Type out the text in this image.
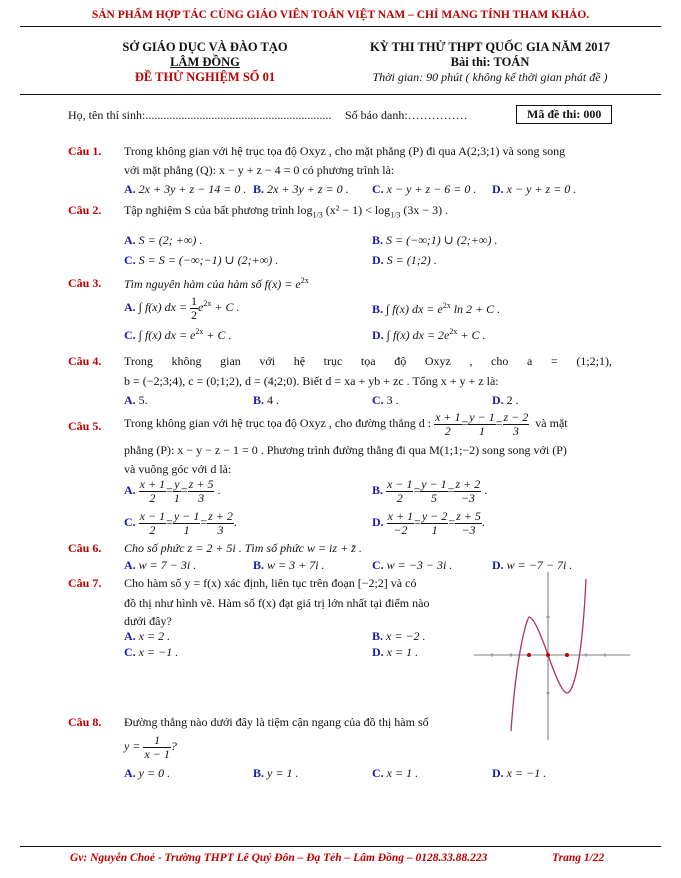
SẢN PHẨM HỢP TÁC CÙNG GIÁO VIÊN TOÁN VIỆT NAM – CHỈ MANG TÍNH THAM KHẢO.
SỞ GIÁO DỤC VÀ ĐÀO TẠO
LÂM ĐỒNG
ĐỀ THỬ NGHIỆM SỐ 01
KỲ THI THỬ THPT QUỐC GIA NĂM 2017
Bài thi: TOÁN
Thời gian: 90 phút ( không kể thời gian phát đề )
Họ, tên thí sinh:.............................................................. Số báo danh:……………	Mã đề thi: 000
Câu 1. Trong không gian với hệ trục tọa độ Oxyz , cho mặt phẳng (P) đi qua A(2;3;1) và song song
với mặt phẳng (Q): x − y + z − 4 = 0 có phương trình là:
A. 2x + 3y + z − 14 = 0 . B. 2x + 3y + z = 0 . C. x − y + z − 6 = 0 . D. x − y + z = 0 .
Câu 2. Tập nghiệm S của bất phương trình $\log_{1/3} (x^2 - 1) < \log_{1/3} (3x - 3)$ .
A. S = (2; +∞) .	B. S = (−∞;1) ∪ (2;+∞) .
C. S = S = (−∞;−1) ∪ (2;+∞) .	D. S = (1;2) .
Câu 3. Tìm nguyên hàm của hàm số $f(x) = e^{2x}$
A. ∫ f(x) dx = $\frac{1}{2} e^{2x} + C$ .	B. ∫ f(x) dx = $e^{2x}$ ln 2 + C .
C. ∫ f(x) dx = $e^{2x} + C$ .	D. ∫ f(x) dx = $2e^{2x} + C$ .
Câu 4. Trong không gian với hệ trục tọa độ Oxyz , cho a = (1;2;1),
b = (−2;3;4), c = (0;1;2), d = (4;2;0). Biết d = xa + yb + zc . Tổng x + y + z là:
A. 5.	B. 4 .	C. 3 .	D. 2 .
Câu 5. Trong không gian với hệ trục tọa độ Oxyz , cho đường thẳng d : $\frac{x + 1}{2} = \frac{y - 1}{1} = \frac{z - 2}{3}$ và mặt
phẳng (P): x − y − z − 1 = 0 . Phương trình đường thẳng đi qua M(1;1;−2) song song với (P)
và vuông góc với d là:
A. $\frac{x + 1}{2} = \frac{y}{1} = \frac{z + 5}{3}$ .	B. $\frac{x - 1}{2} = \frac{y - 1}{5} = \frac{z + 2}{-3}$ .
C. $\frac{x - 1}{2} = \frac{y - 1}{1} = \frac{z + 2}{3}$ .	D. $\frac{x + 1}{-2} = \frac{y - 2}{1} = \frac{z + 5}{-3}$ .
Câu 6. Cho số phức z = 2 + 5i . Tìm số phức w = iz + z̄ .
A. w = 7 − 3i .	B. w = 3 + 7i .	C. w = −3 − 3i .	D. w = −7 − 7i .
Câu 7. Cho hàm số y = f(x) xác định, liên tục trên đoạn [−2;2] và có
đồ thị như hình vẽ. Hàm số f(x) đạt giá trị lớn nhất tại điểm nào
dưới đây?
A. x = 2 .	B. x = −2 .
C. x = −1 .	D. x = 1 .
Câu 8. Đường thẳng nào dưới đây là tiệm cận ngang của đồ thị hàm số
$y = \frac{1}{x - 1}$ ?
A. y = 0 .	B. y = 1 .	C. x = 1 .	D. x = −1 .
Gv: Nguyễn Choẻ - Trường THPT Lê Quý Đôn – Đạ Tẻh – Lâm Đồng – 0128.33.88.223	Trang 1/22
